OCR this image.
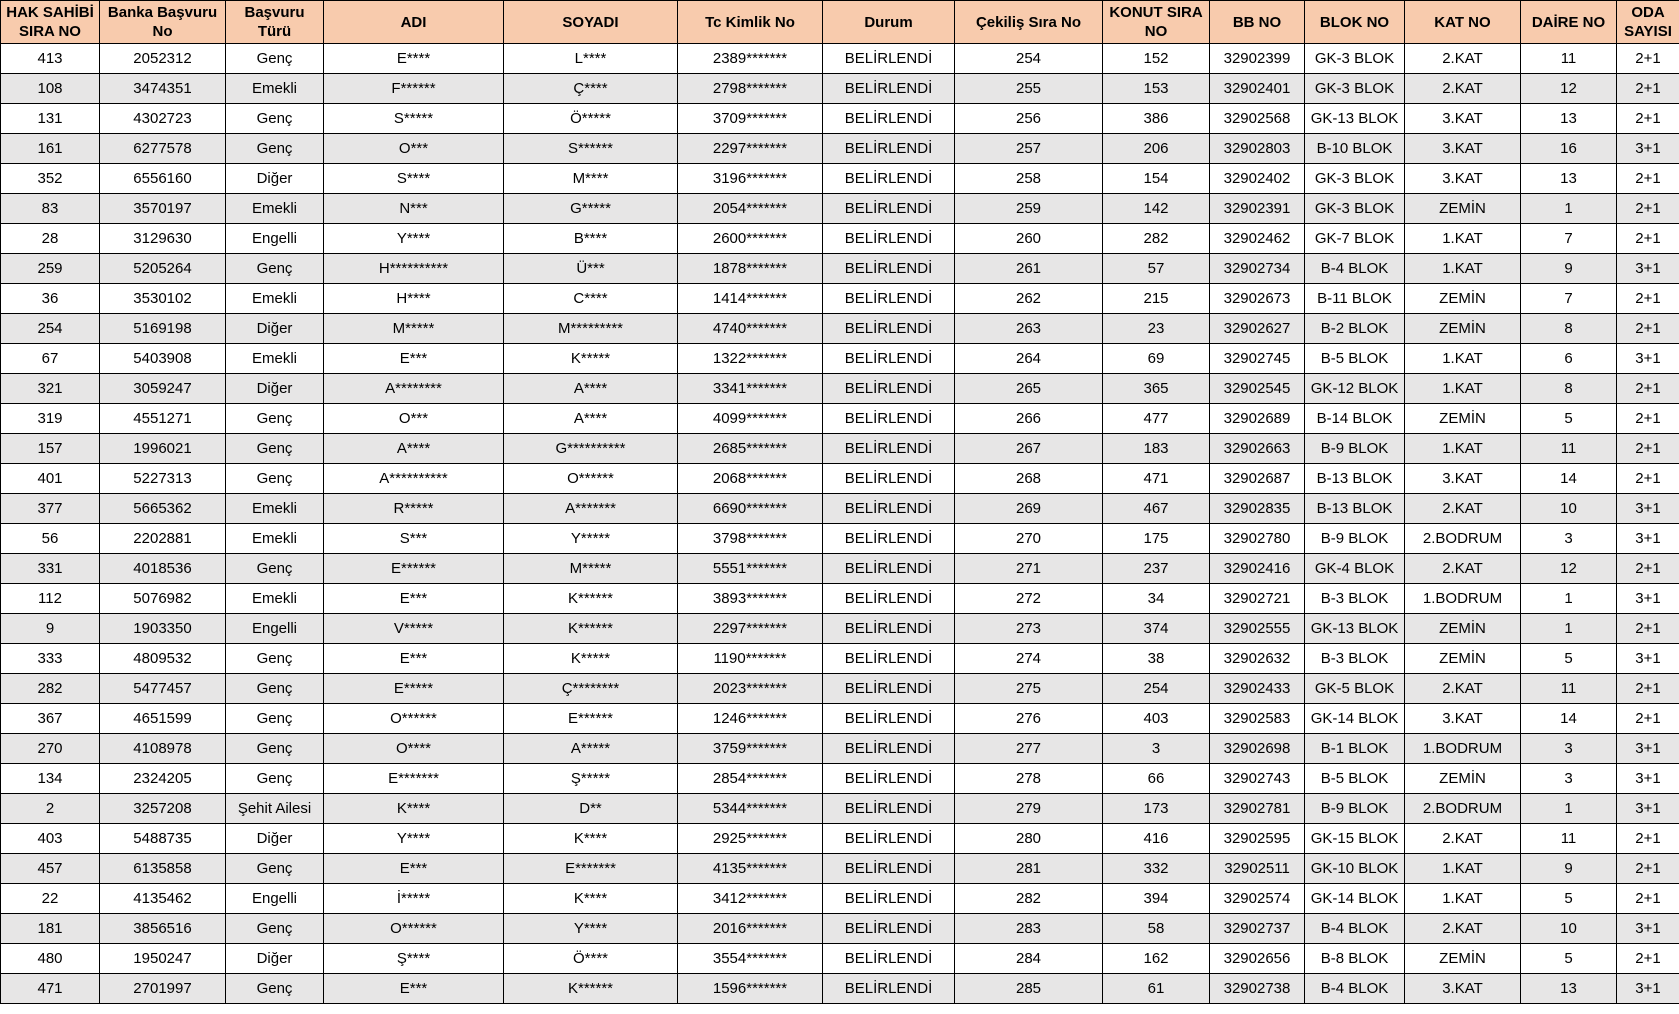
HAK SAHİBİ SIRA NO	Banka Başvuru No	Başvuru Türü	ADI	SOYADI	Tc Kimlik No	Durum	Çekiliş Sıra No	KONUT SIRA NO	BB NO	BLOK NO	KAT NO	DAİRE NO	ODA SAYISI
413	2052312	Genç	E****	L****	2389*******	BELİRLENDİ	254	152	32902399	GK-3 BLOK	2.KAT	11	2+1
108	3474351	Emekli	F******	Ç****	2798*******	BELİRLENDİ	255	153	32902401	GK-3 BLOK	2.KAT	12	2+1
131	4302723	Genç	S*****	Ö*****	3709*******	BELİRLENDİ	256	386	32902568	GK-13 BLOK	3.KAT	13	2+1
161	6277578	Genç	O***	S******	2297*******	BELİRLENDİ	257	206	32902803	B-10 BLOK	3.KAT	16	3+1
352	6556160	Diğer	S****	M****	3196*******	BELİRLENDİ	258	154	32902402	GK-3 BLOK	3.KAT	13	2+1
83	3570197	Emekli	N***	G*****	2054*******	BELİRLENDİ	259	142	32902391	GK-3 BLOK	ZEMİN	1	2+1
28	3129630	Engelli	Y****	B****	2600*******	BELİRLENDİ	260	282	32902462	GK-7 BLOK	1.KAT	7	2+1
259	5205264	Genç	H**********	Ü***	1878*******	BELİRLENDİ	261	57	32902734	B-4 BLOK	1.KAT	9	3+1
36	3530102	Emekli	H****	C****	1414*******	BELİRLENDİ	262	215	32902673	B-11 BLOK	ZEMİN	7	2+1
254	5169198	Diğer	M*****	M*********	4740*******	BELİRLENDİ	263	23	32902627	B-2 BLOK	ZEMİN	8	2+1
67	5403908	Emekli	E***	K*****	1322*******	BELİRLENDİ	264	69	32902745	B-5 BLOK	1.KAT	6	3+1
321	3059247	Diğer	A********	A****	3341*******	BELİRLENDİ	265	365	32902545	GK-12 BLOK	1.KAT	8	2+1
319	4551271	Genç	O***	A****	4099*******	BELİRLENDİ	266	477	32902689	B-14 BLOK	ZEMİN	5	2+1
157	1996021	Genç	A****	G**********	2685*******	BELİRLENDİ	267	183	32902663	B-9 BLOK	1.KAT	11	2+1
401	5227313	Genç	A**********	O******	2068*******	BELİRLENDİ	268	471	32902687	B-13 BLOK	3.KAT	14	2+1
377	5665362	Emekli	R*****	A*******	6690*******	BELİRLENDİ	269	467	32902835	B-13 BLOK	2.KAT	10	3+1
56	2202881	Emekli	S***	Y*****	3798*******	BELİRLENDİ	270	175	32902780	B-9 BLOK	2.BODRUM	3	3+1
331	4018536	Genç	E******	M*****	5551*******	BELİRLENDİ	271	237	32902416	GK-4 BLOK	2.KAT	12	2+1
112	5076982	Emekli	E***	K******	3893*******	BELİRLENDİ	272	34	32902721	B-3 BLOK	1.BODRUM	1	3+1
9	1903350	Engelli	V*****	K******	2297*******	BELİRLENDİ	273	374	32902555	GK-13 BLOK	ZEMİN	1	2+1
333	4809532	Genç	E***	K*****	1190*******	BELİRLENDİ	274	38	32902632	B-3 BLOK	ZEMİN	5	3+1
282	5477457	Genç	E*****	Ç********	2023*******	BELİRLENDİ	275	254	32902433	GK-5 BLOK	2.KAT	11	2+1
367	4651599	Genç	O******	E******	1246*******	BELİRLENDİ	276	403	32902583	GK-14 BLOK	3.KAT	14	2+1
270	4108978	Genç	O****	A*****	3759*******	BELİRLENDİ	277	3	32902698	B-1 BLOK	1.BODRUM	3	3+1
134	2324205	Genç	E*******	Ş*****	2854*******	BELİRLENDİ	278	66	32902743	B-5 BLOK	ZEMİN	3	3+1
2	3257208	Şehit Ailesi	K****	D**	5344*******	BELİRLENDİ	279	173	32902781	B-9 BLOK	2.BODRUM	1	3+1
403	5488735	Diğer	Y****	K****	2925*******	BELİRLENDİ	280	416	32902595	GK-15 BLOK	2.KAT	11	2+1
457	6135858	Genç	E***	E*******	4135*******	BELİRLENDİ	281	332	32902511	GK-10 BLOK	1.KAT	9	2+1
22	4135462	Engelli	İ*****	K****	3412*******	BELİRLENDİ	282	394	32902574	GK-14 BLOK	1.KAT	5	2+1
181	3856516	Genç	O******	Y****	2016*******	BELİRLENDİ	283	58	32902737	B-4 BLOK	2.KAT	10	3+1
480	1950247	Diğer	Ş****	Ö****	3554*******	BELİRLENDİ	284	162	32902656	B-8 BLOK	ZEMİN	5	2+1
471	2701997	Genç	E***	K******	1596*******	BELİRLENDİ	285	61	32902738	B-4 BLOK	3.KAT	13	3+1
